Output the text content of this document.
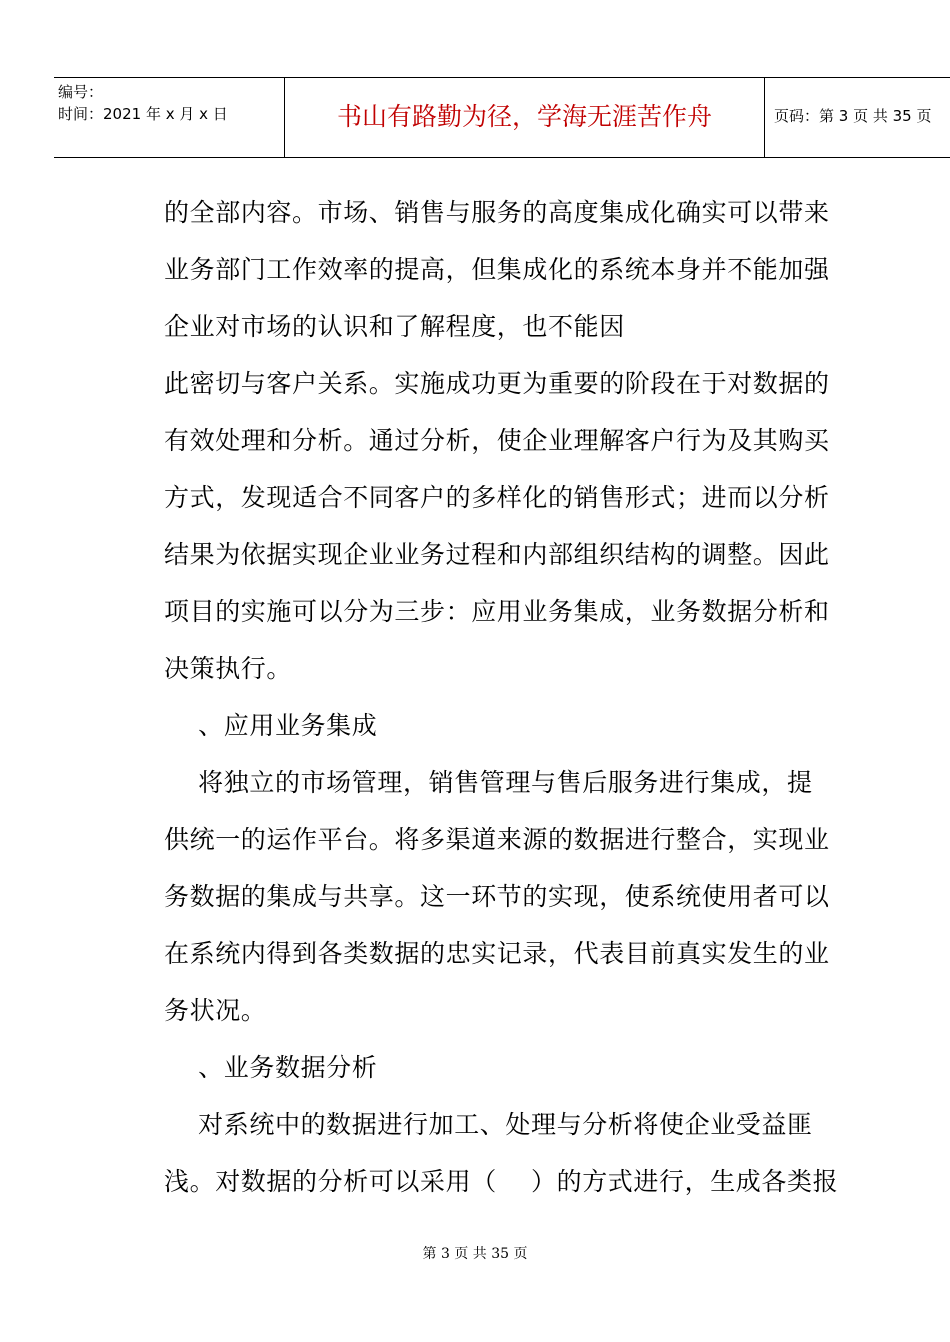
编号：
时间：2021 年 x 月 x 日	书山有路勤为径，学海无涯苦作舟	页码：第 3 页 共 35 页

的全部内容。市场、销售与服务的高度集成化确实可以带来

业务部门工作效率的提高，但集成化的系统本身并不能加强

企业对市场的认识和了解程度，也不能因

此密切与客户关系。实施成功更为重要的阶段在于对数据的

有效处理和分析。通过分析，使企业理解客户行为及其购买

方式，发现适合不同客户的多样化的销售形式；进而以分析

结果为依据实现企业业务过程和内部组织结构的调整。因此

项目的实施可以分为三步：应用业务集成，业务数据分析和

决策执行。

、应用业务集成

将独立的市场管理，销售管理与售后服务进行集成，提

供统一的运作平台。将多渠道来源的数据进行整合，实现业

务数据的集成与共享。这一环节的实现，使系统使用者可以

在系统内得到各类数据的忠实记录，代表目前真实发生的业

务状况。

、业务数据分析

对系统中的数据进行加工、处理与分析将使企业受益匪

浅。对数据的分析可以采用（    ）的方式进行，生成各类报

第 3 页 共 35 页
